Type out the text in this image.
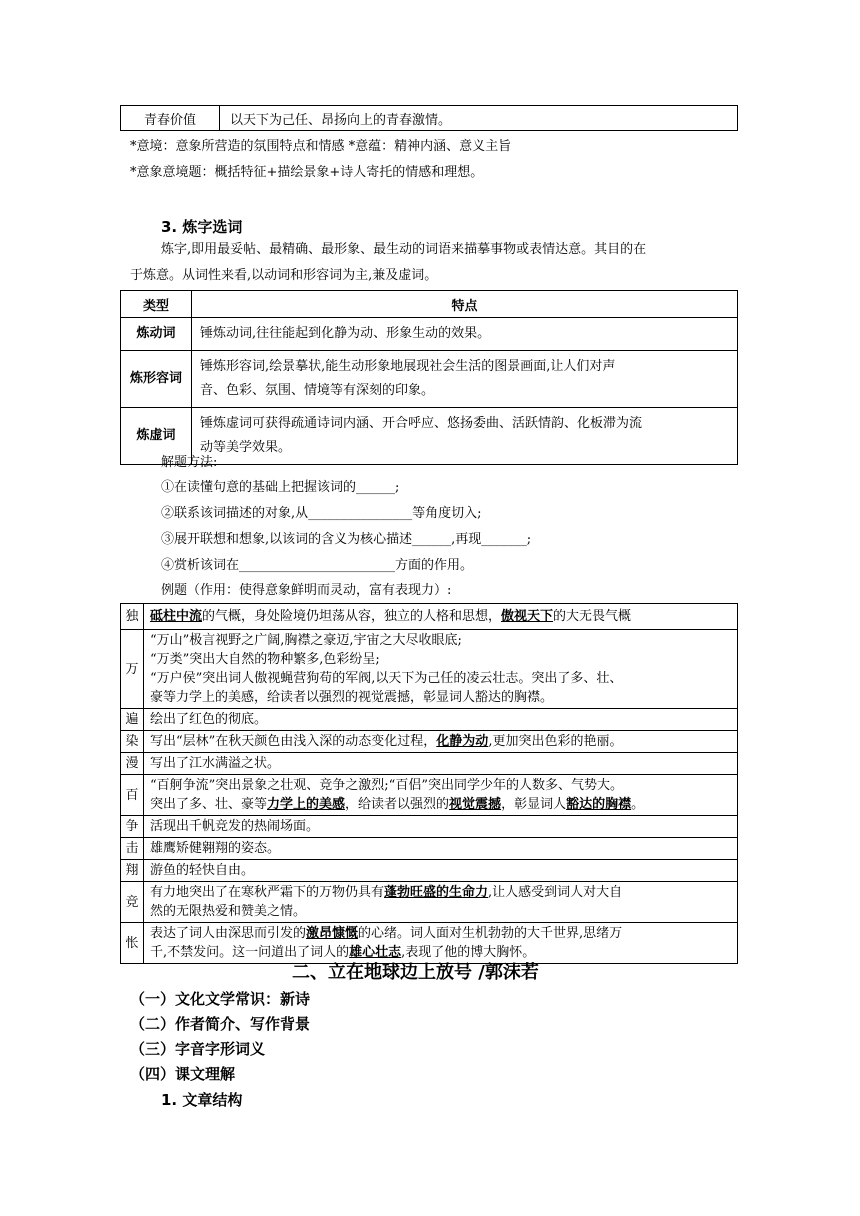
青春价值	以天下为己任、昂扬向上的青春激情。
*意境：意象所营造的氛围特点和情感 *意蕴：精神内涵、意义主旨
*意象意境题：概括特征+描绘景象+诗人寄托的情感和理想。
3. 炼字选词
炼字,即用最妥帖、最精确、最形象、最生动的词语来描摹事物或表情达意。其目的在
于炼意。从词性来看,以动词和形容词为主,兼及虚词。
类型	特点
炼动词	锤炼动词,往往能起到化静为动、形象生动的效果。
炼形容词	锤炼形容词,绘景摹状,能生动形象地展现社会生活的图景画面,让人们对声
音、色彩、氛围、情境等有深刻的印象。
炼虚词	锤炼虚词可获得疏通诗词内涵、开合呼应、悠扬委曲、活跃情韵、化板滞为流
动等美学效果。
解题方法:
①在读懂句意的基础上把握该词的______;
②联系该词描述的对象,从________________等角度切入;
③展开联想和想象,以该词的含义为核心描述______,再现_______;
④赏析该词在________________________方面的作用。
例题（作用：使得意象鲜明而灵动，富有表现力）:
独	砥柱中流的气概，身处险境仍坦荡从容，独立的人格和思想，傲视天下的大无畏气概
万	“万山”极言视野之广阔,胸襟之豪迈,宇宙之大尽收眼底;
“万类”突出大自然的物种繁多,色彩纷呈;
“万户侯”突出词人傲视蝇营狗苟的军阀,以天下为己任的凌云壮志。突出了多、壮、
豪等力学上的美感，给读者以强烈的视觉震撼，彰显词人豁达的胸襟。
遍	绘出了红色的彻底。
染	写出“层林”在秋天颜色由浅入深的动态变化过程，化静为动,更加突出色彩的艳丽。
漫	写出了江水满溢之状。
百	“百舸争流”突出景象之壮观、竞争之激烈;“百侣”突出同学少年的人数多、气势大。
突出了多、壮、豪等力学上的美感，给读者以强烈的视觉震撼，彰显词人豁达的胸襟。
争	活现出千帆竞发的热闹场面。
击	雄鹰矫健翱翔的姿态。
翔	游鱼的轻快自由。
竞	有力地突出了在寒秋严霜下的万物仍具有蓬勃旺盛的生命力,让人感受到词人对大自
然的无限热爱和赞美之情。
怅	表达了词人由深思而引发的激昂慷慨的心绪。词人面对生机勃勃的大千世界,思绪万
千,不禁发问。这一问道出了词人的雄心壮志,表现了他的博大胸怀。
二、立在地球边上放号 /郭沫若
（一）文化文学常识：新诗
（二）作者简介、写作背景
（三）字音字形词义
（四）课文理解
1. 文章结构
